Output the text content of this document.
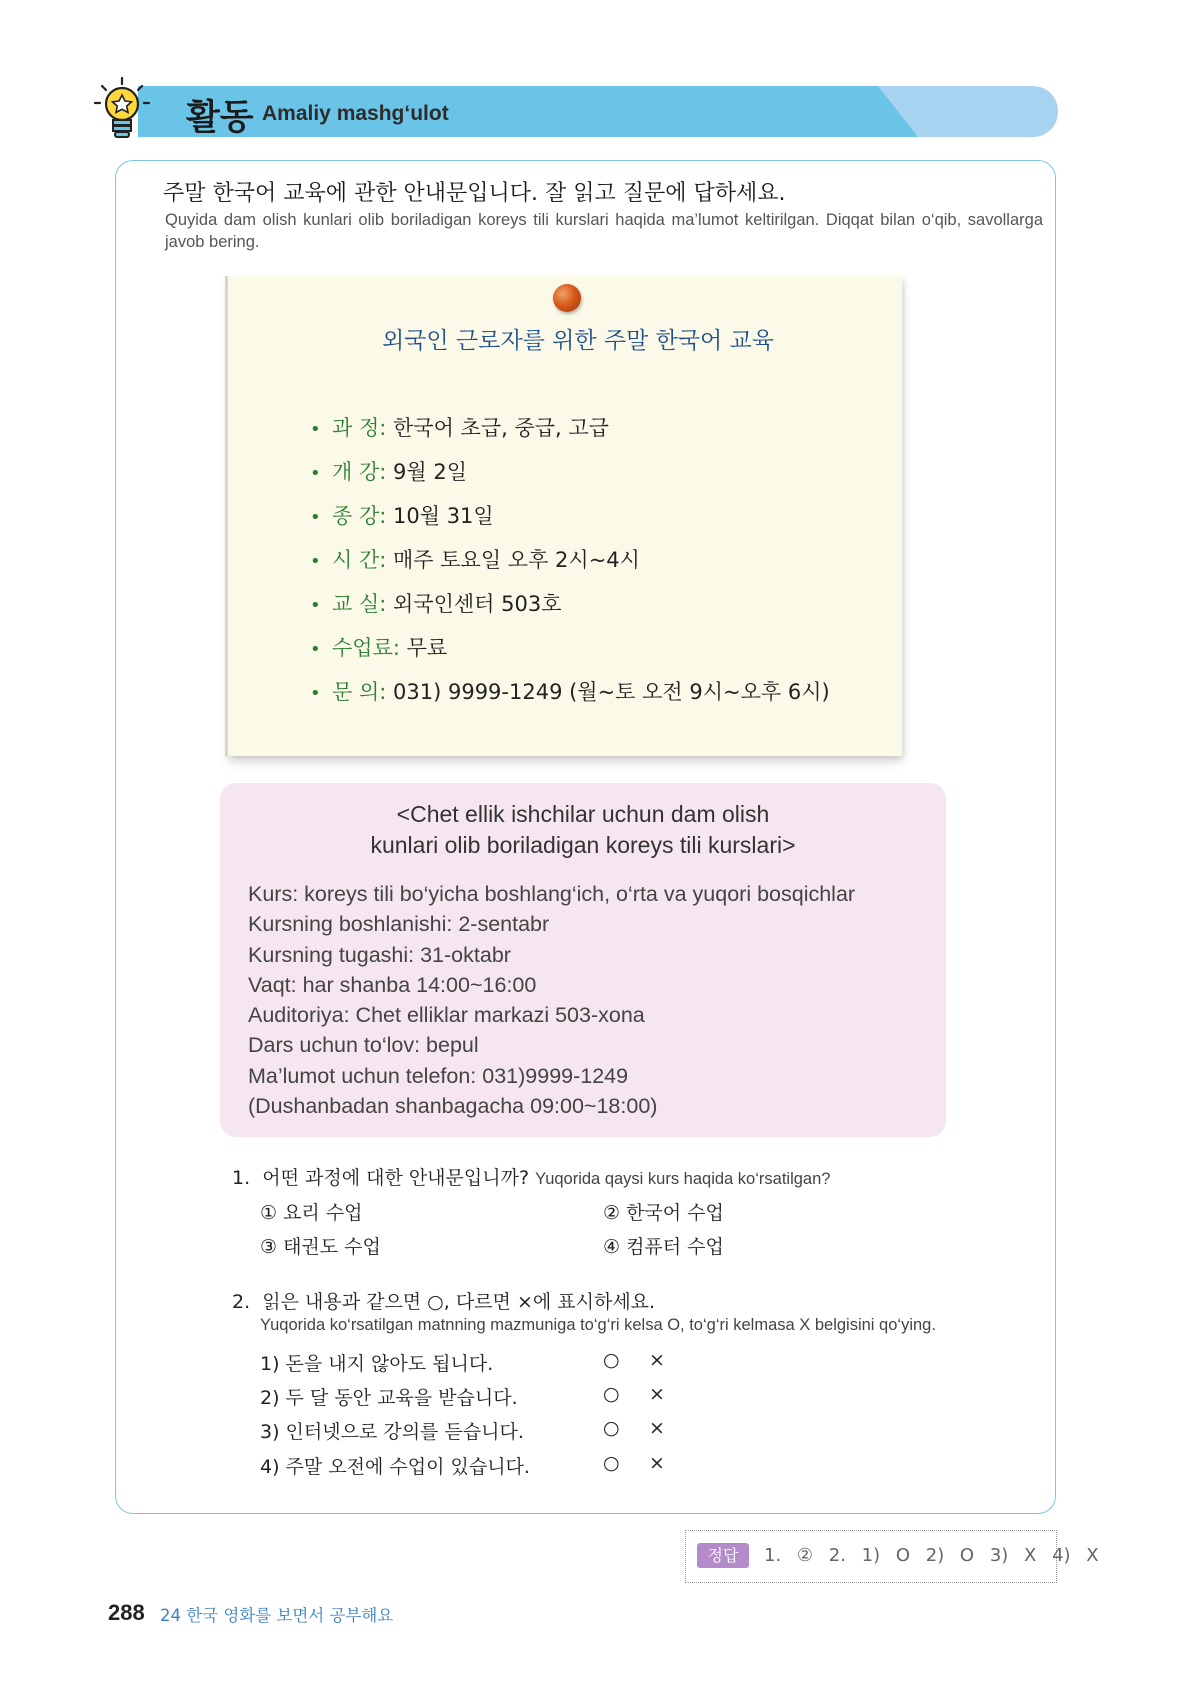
활동 Amaliy mashg‘ulot
주말 한국어 교육에 관한 안내문입니다. 잘 읽고 질문에 답하세요.
Quyida dam olish kunlari olib boriladigan koreys tili kurslari haqida ma’lumot keltirilgan. Diqqat bilan o‘qib, savollarga javob bering.
외국인 근로자를 위한 주말 한국어 교육
• 과 정: 한국어 초급, 중급, 고급
• 개 강: 9월 2일
• 종 강: 10월 31일
• 시 간: 매주 토요일 오후 2시~4시
• 교 실: 외국인센터 503호
• 수업료: 무료
• 문 의: 031) 9999-1249 (월~토 오전 9시~오후 6시)
<Chet ellik ishchilar uchun dam olish
kunlari olib boriladigan koreys tili kurslari>
Kurs: koreys tili bo‘yicha boshlang‘ich, o‘rta va yuqori bosqichlar
Kursning boshlanishi: 2-sentabr
Kursning tugashi: 31-oktabr
Vaqt: har shanba 14:00~16:00
Auditoriya: Chet elliklar markazi 503-xona
Dars uchun to‘lov: bepul
Ma’lumot uchun telefon: 031)9999-1249
(Dushanbadan shanbagacha 09:00~18:00)
1. 어떤 과정에 대한 안내문입니까? Yuqorida qaysi kurs haqida ko‘rsatilgan?
① 요리 수업	② 한국어 수업
③ 태권도 수업	④ 컴퓨터 수업
2. 읽은 내용과 같으면 ○, 다르면 ×에 표시하세요.
Yuqorida ko‘rsatilgan matnning mazmuniga to‘g‘ri kelsa O, to‘g‘ri kelmasa X belgisini qo‘ying.
1) 돈을 내지 않아도 됩니다.	○ ×
2) 두 달 동안 교육을 받습니다.	○ ×
3) 인터넷으로 강의를 듣습니다.	○ ×
4) 주말 오전에 수업이 있습니다.	○ ×
정답	1. ② 2. 1) O 2) O 3) X 4) X
288 24 한국 영화를 보면서 공부해요
